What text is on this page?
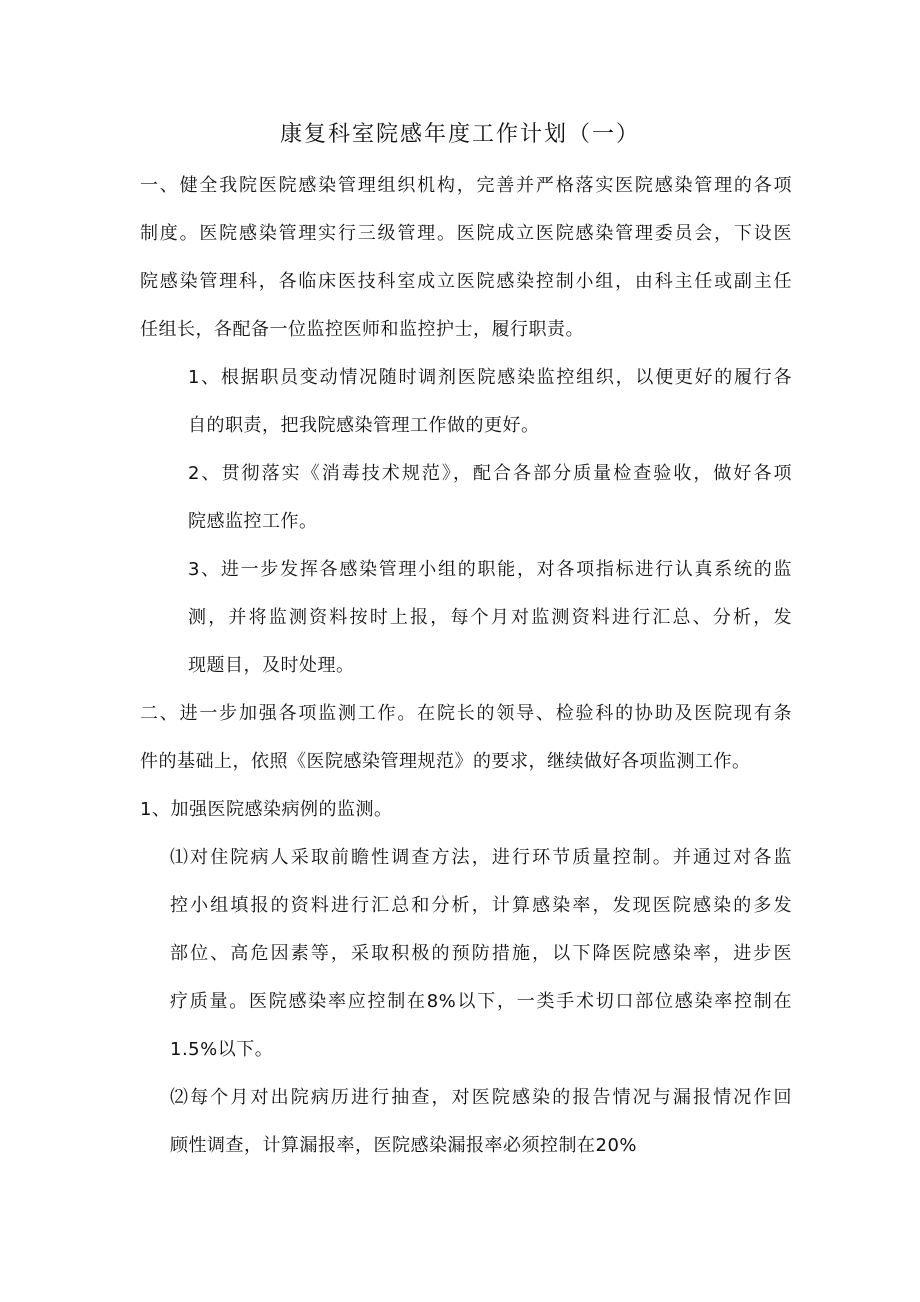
康复科室院感年度工作计划（一）
一、健全我院医院感染管理组织机构，完善并严格落实医院感染管理的各项
制度。医院感染管理实行三级管理。医院成立医院感染管理委员会，下设医
院感染管理科，各临床医技科室成立医院感染控制小组，由科主任或副主任
任组长，各配备一位监控医师和监控护士，履行职责。
1、根据职员变动情况随时调剂医院感染监控组织，以便更好的履行各
自的职责，把我院感染管理工作做的更好。
2、贯彻落实《消毒技术规范》，配合各部分质量检查验收，做好各项
院感监控工作。
3、进一步发挥各感染管理小组的职能，对各项指标进行认真系统的监
测，并将监测资料按时上报，每个月对监测资料进行汇总、分析，发
现题目，及时处理。
二、进一步加强各项监测工作。在院长的领导、检验科的协助及医院现有条
件的基础上，依照《医院感染管理规范》的要求，继续做好各项监测工作。
1、加强医院感染病例的监测。
⑴对住院病人采取前瞻性调查方法，进行环节质量控制。并通过对各监
控小组填报的资料进行汇总和分析，计算感染率，发现医院感染的多发
部位、高危因素等，采取积极的预防措施，以下降医院感染率，进步医
疗质量。医院感染率应控制在8%以下，一类手术切口部位感染率控制在
1.5%以下。
⑵每个月对出院病历进行抽查，对医院感染的报告情况与漏报情况作回
顾性调查，计算漏报率，医院感染漏报率必须控制在20%
